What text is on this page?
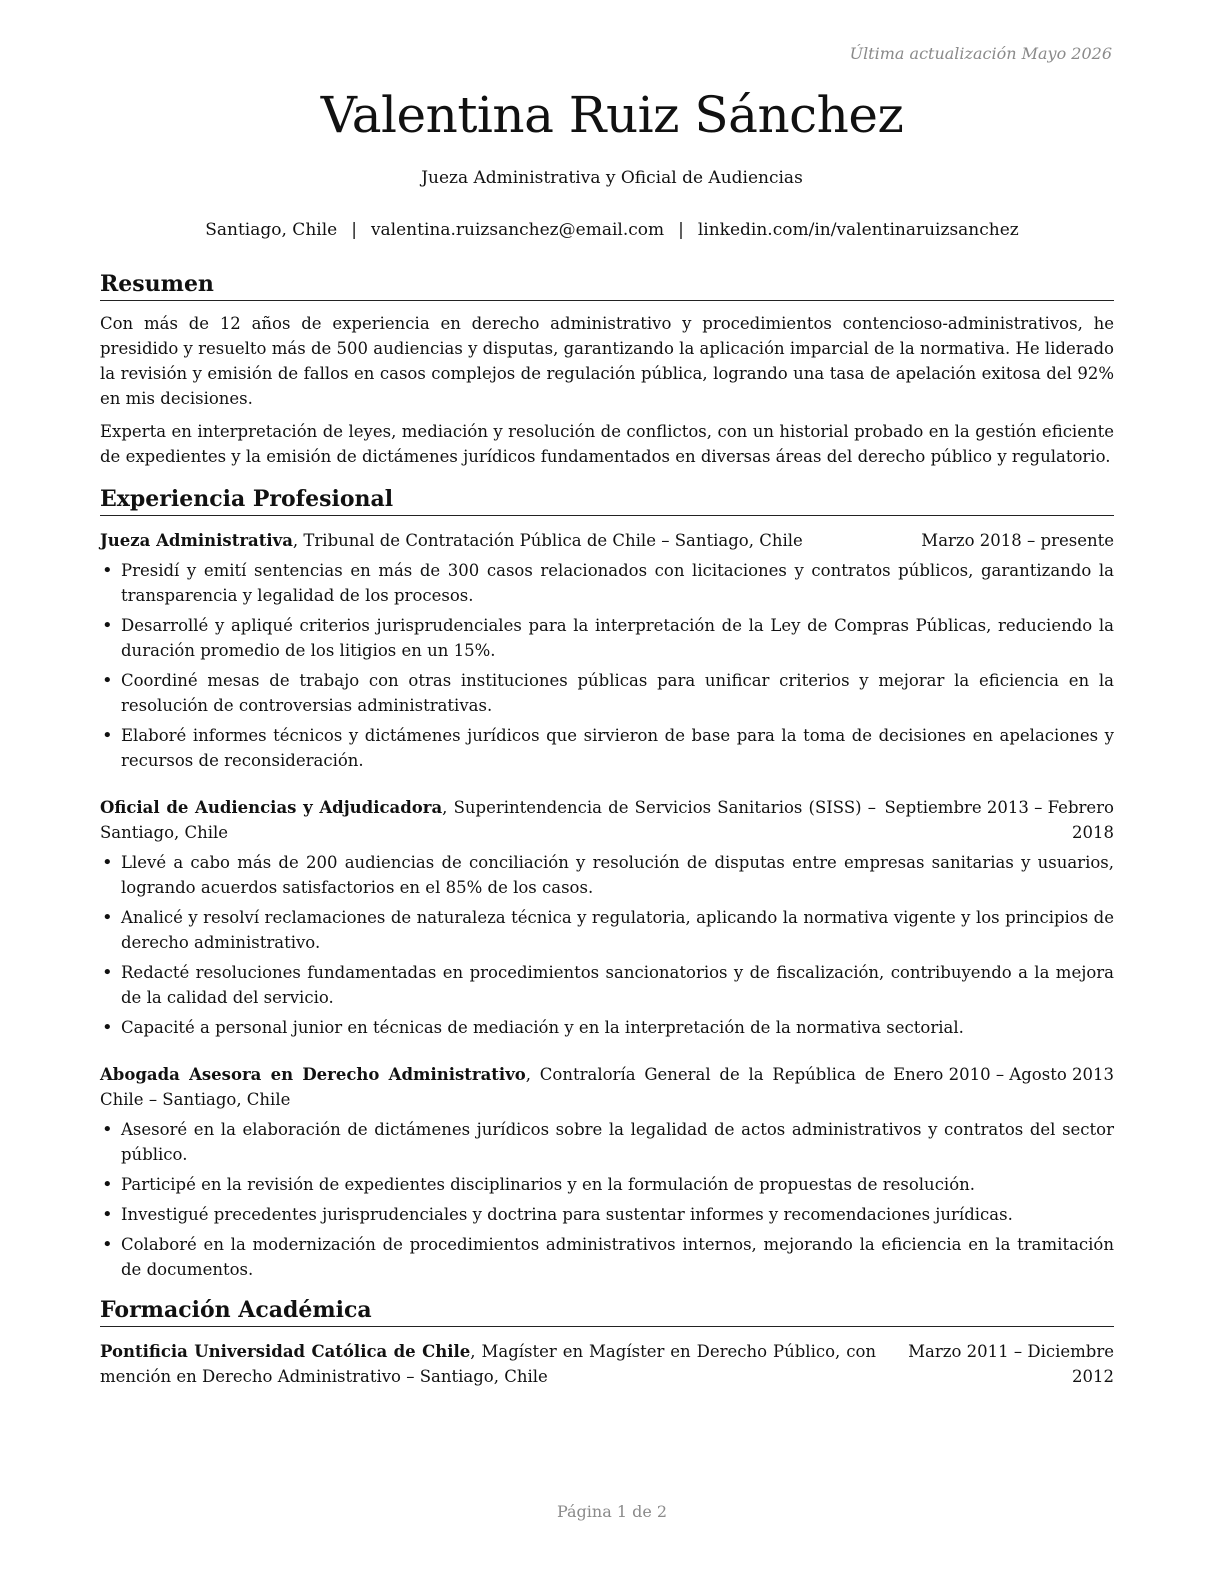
Última actualización Mayo 2026
Valentina Ruiz Sánchez
Jueza Administrativa y Oficial de Audiencias
Santiago, Chile | valentina.ruizsanchez@email.com | linkedin.com/in/valentinaruizsanchez
Resumen

Con más de 12 años de experiencia en derecho administrativo y procedimientos contencioso-administrativos, he presidido y resuelto más de 500 audiencias y disputas, garantizando la aplicación imparcial de la normativa. He liderado la revisión y emisión de fallos en casos complejos de regulación pública, logrando una tasa de apelación exitosa del 92% en mis decisiones.

Experta en interpretación de leyes, mediación y resolución de conflictos, con un historial probado en la gestión eficiente de expedientes y la emisión de dictámenes jurídicos fundamentados en diversas áreas del derecho público y regulatorio.

Experiencia Profesional
Jueza Administrativa, Tribunal de Contratación Pública de Chile – Santiago, Chile	Marzo 2018 – presente
• Presidí y emití sentencias en más de 300 casos relacionados con licitaciones y contratos públicos, garantizando la transparencia y legalidad de los procesos.
• Desarrollé y apliqué criterios jurisprudenciales para la interpretación de la Ley de Compras Públicas, reduciendo la duración promedio de los litigios en un 15%.
• Coordiné mesas de trabajo con otras instituciones públicas para unificar criterios y mejorar la eficiencia en la resolución de controversias administrativas.
• Elaboré informes técnicos y dictámenes jurídicos que sirvieron de base para la toma de decisiones en apelaciones y recursos de reconsideración.
Oficial de Audiencias y Adjudicadora, Superintendencia de Servicios Sanitarios (SISS) – Santiago, Chile
Septiembre 2013 – Febrero 2018
• Llevé a cabo más de 200 audiencias de conciliación y resolución de disputas entre empresas sanitarias y usuarios, logrando acuerdos satisfactorios en el 85% de los casos.
• Analicé y resolví reclamaciones de naturaleza técnica y regulatoria, aplicando la normativa vigente y los principios de derecho administrativo.
• Redacté resoluciones fundamentadas en procedimientos sancionatorios y de fiscalización, contribuyendo a la mejora de la calidad del servicio.
• Capacité a personal junior en técnicas de mediación y en la interpretación de la normativa sectorial.
Abogada Asesora en Derecho Administrativo, Contraloría General de la República de Chile – Santiago, Chile
Enero 2010 – Agosto 2013
• Asesoré en la elaboración de dictámenes jurídicos sobre la legalidad de actos administrativos y contratos del sector público.
• Participé en la revisión de expedientes disciplinarios y en la formulación de propuestas de resolución.
• Investigué precedentes jurisprudenciales y doctrina para sustentar informes y recomendaciones jurídicas.
• Colaboré en la modernización de procedimientos administrativos internos, mejorando la eficiencia en la tramitación de documentos.
Formación Académica
Pontificia Universidad Católica de Chile, Magíster en Magíster en Derecho Público, con mención en Derecho Administrativo – Santiago, Chile
Marzo 2011 – Diciembre 2012
Página 1 de 2
